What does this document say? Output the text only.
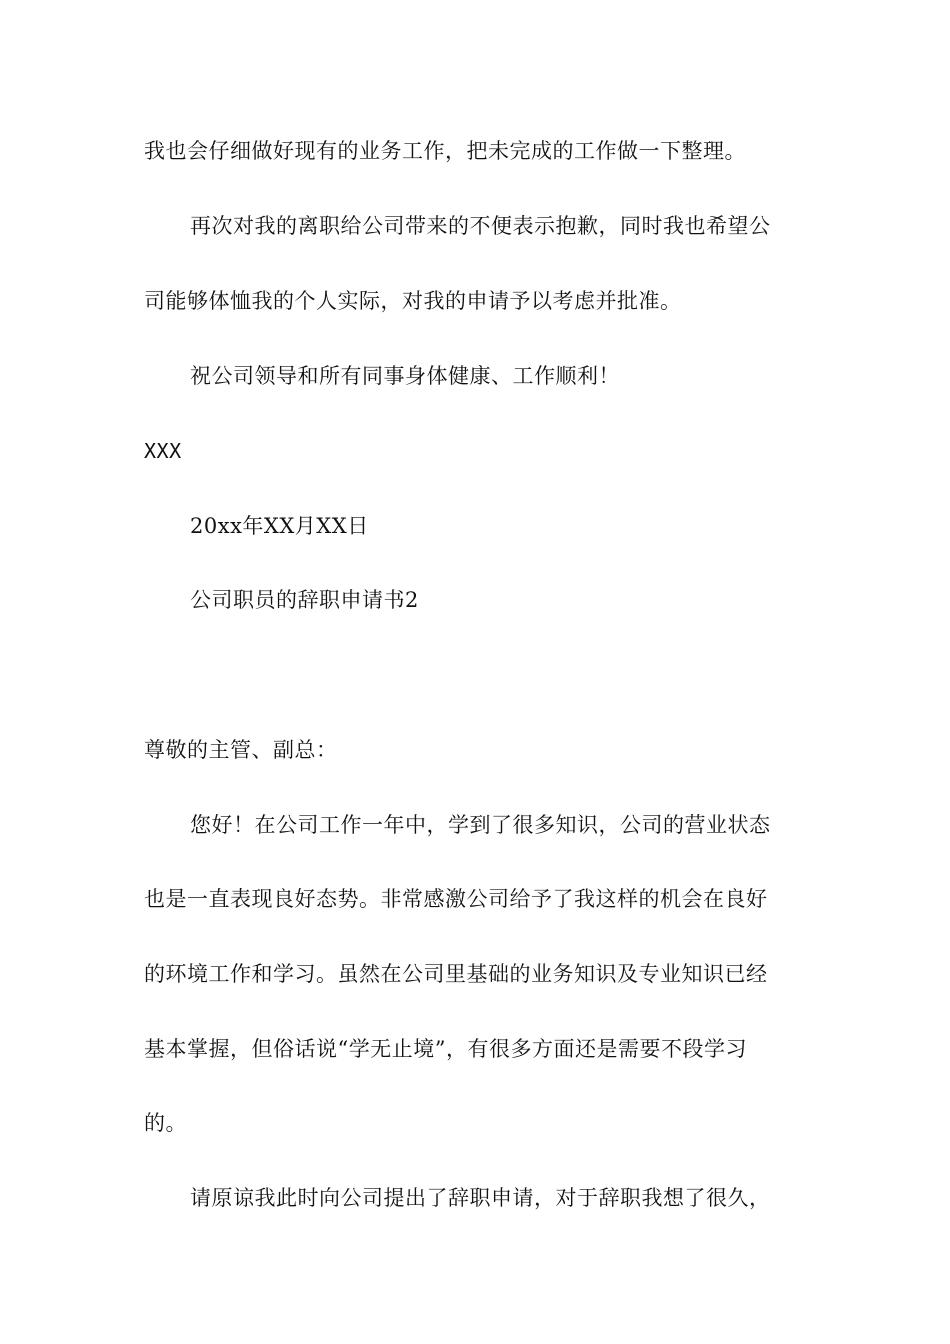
我也会仔细做好现有的业务工作，把未完成的工作做一下整理。
再次对我的离职给公司带来的不便表示抱歉，同时我也希望公
司能够体恤我的个人实际，对我的申请予以考虑并批准。
祝公司领导和所有同事身体健康、工作顺利！
XXX
20xx年XX月XX日
公司职员的辞职申请书2
尊敬的主管、副总：
您好！在公司工作一年中，学到了很多知识，公司的营业状态
也是一直表现良好态势。非常感激公司给予了我这样的机会在良好
的环境工作和学习。虽然在公司里基础的业务知识及专业知识已经
基本掌握，但俗话说“学无止境”，有很多方面还是需要不段学习
的。
请原谅我此时向公司提出了辞职申请，对于辞职我想了很久，
